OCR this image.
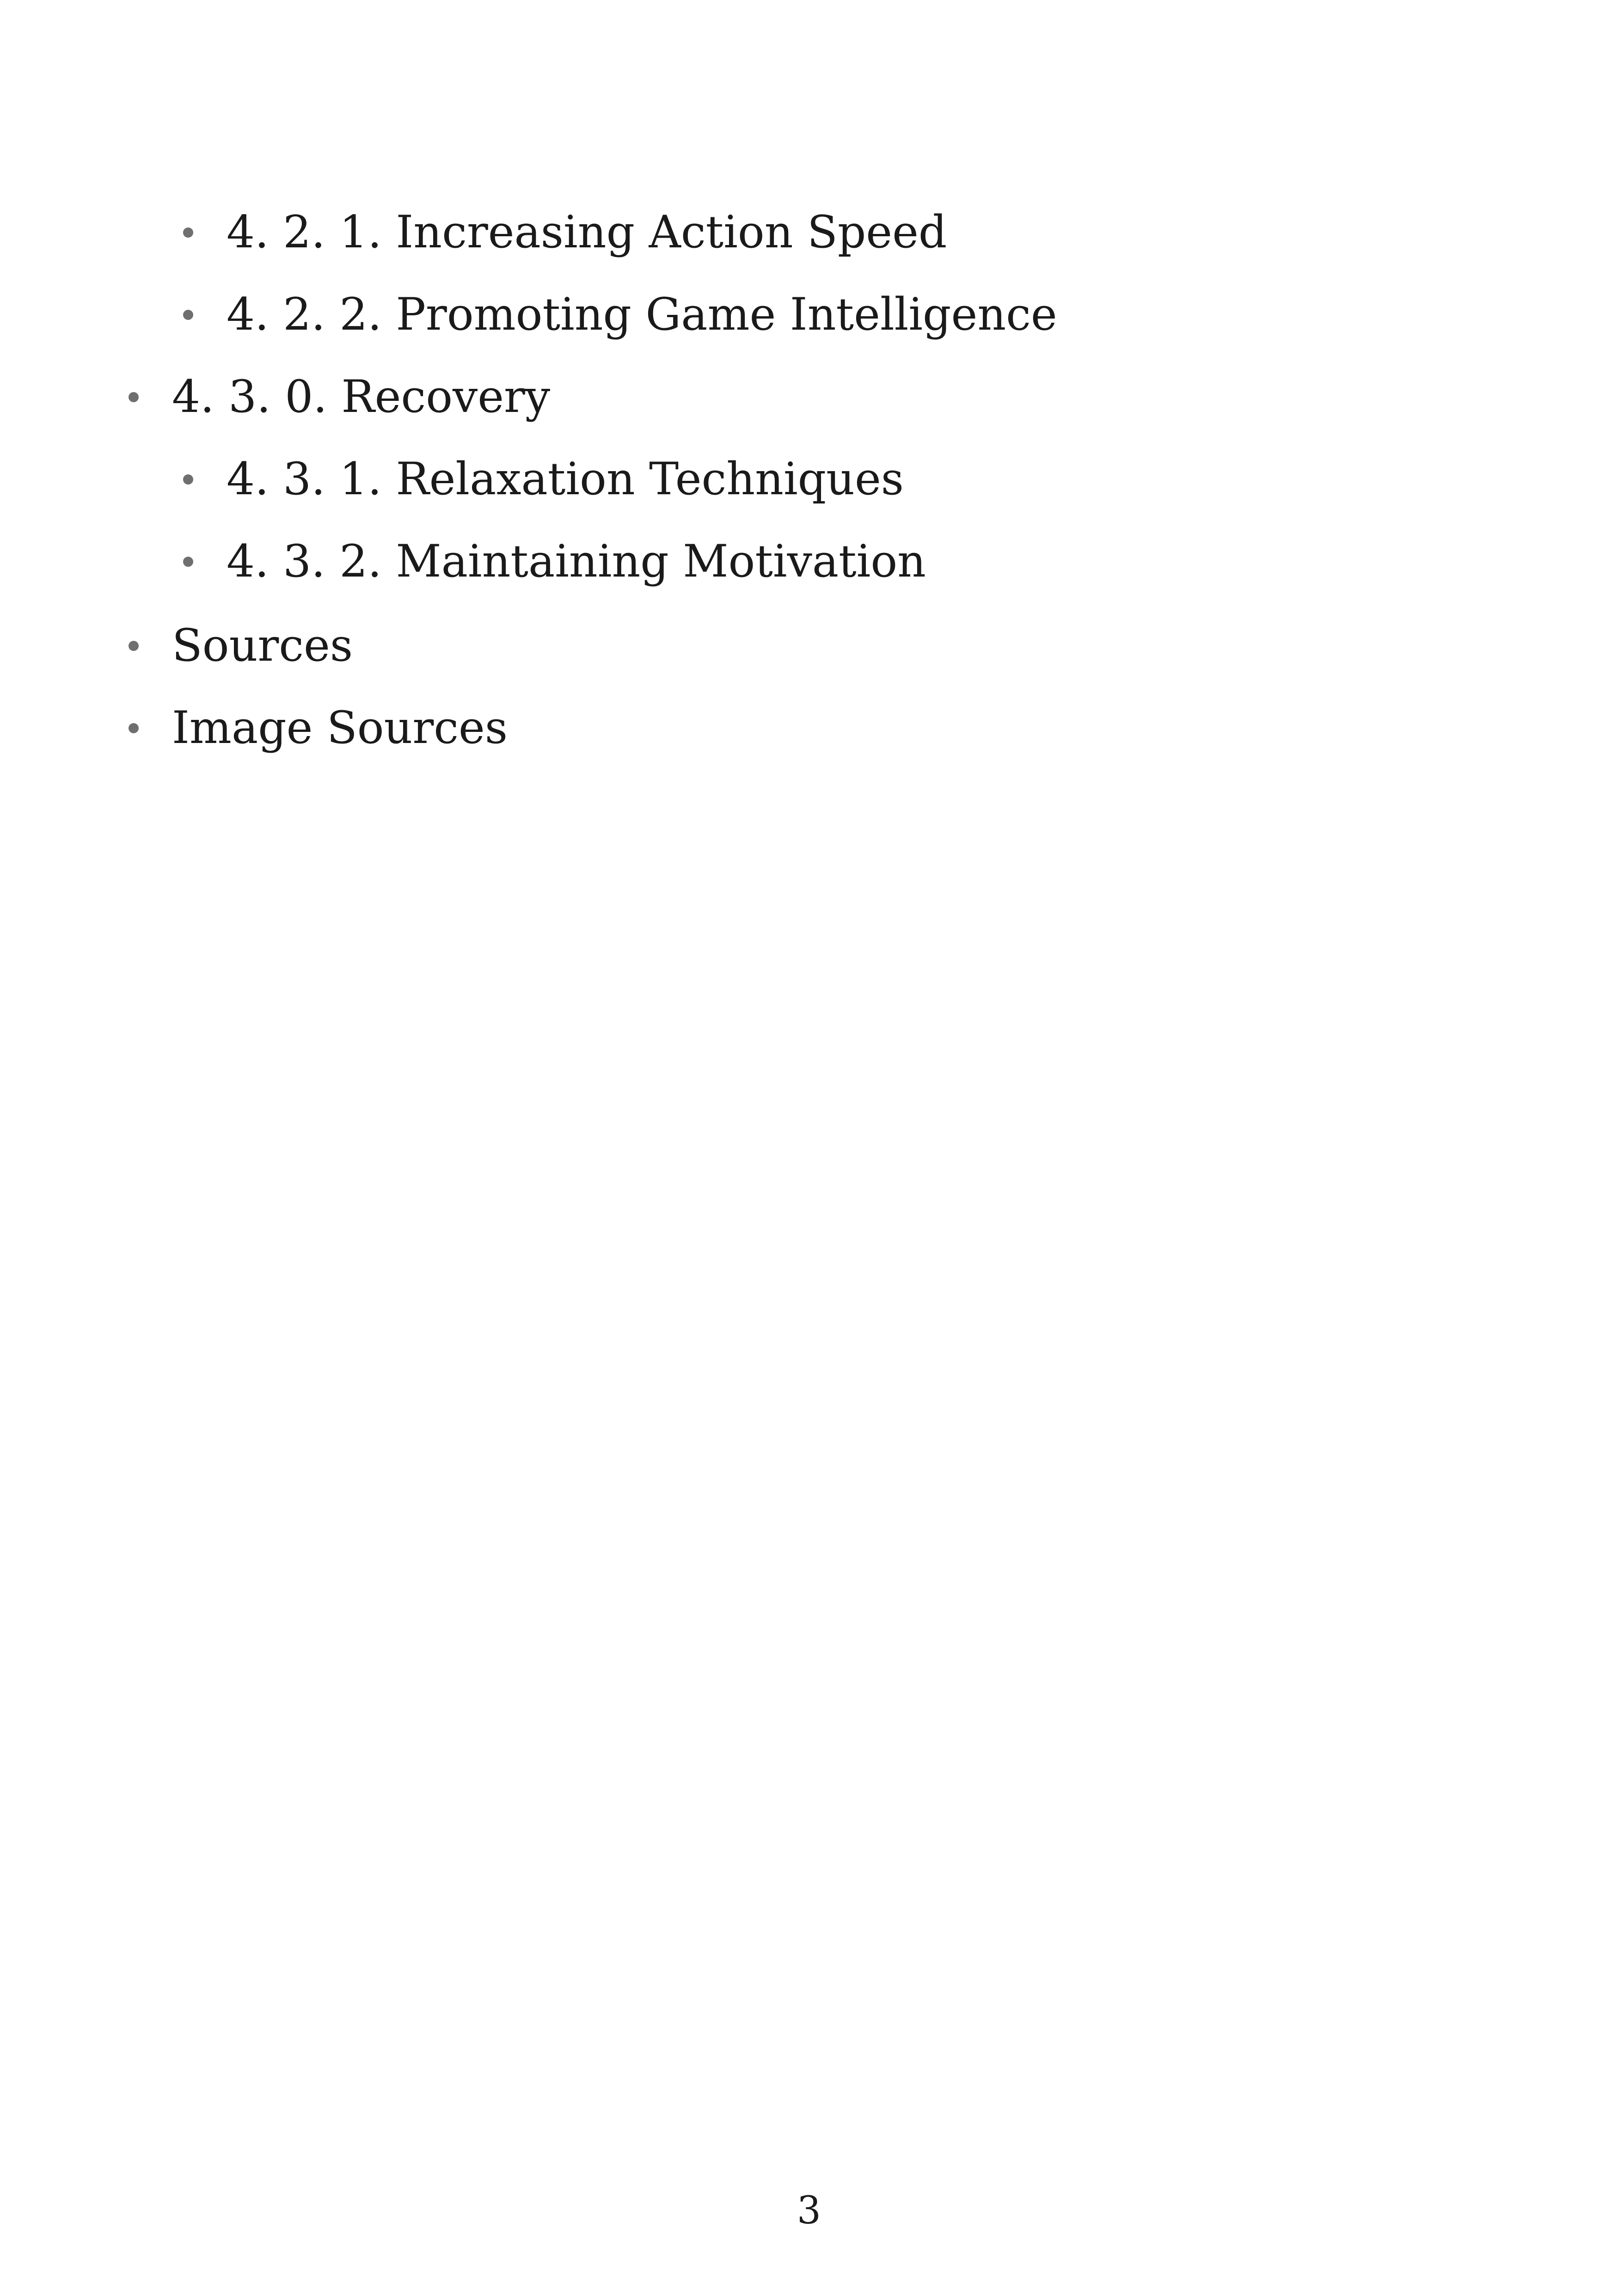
4. 2. 1. Increasing Action Speed
4. 2. 2. Promoting Game Intelligence
4. 3. 0. Recovery
4. 3. 1. Relaxation Techniques
4. 3. 2. Maintaining Motivation
Sources
Image Sources
3
